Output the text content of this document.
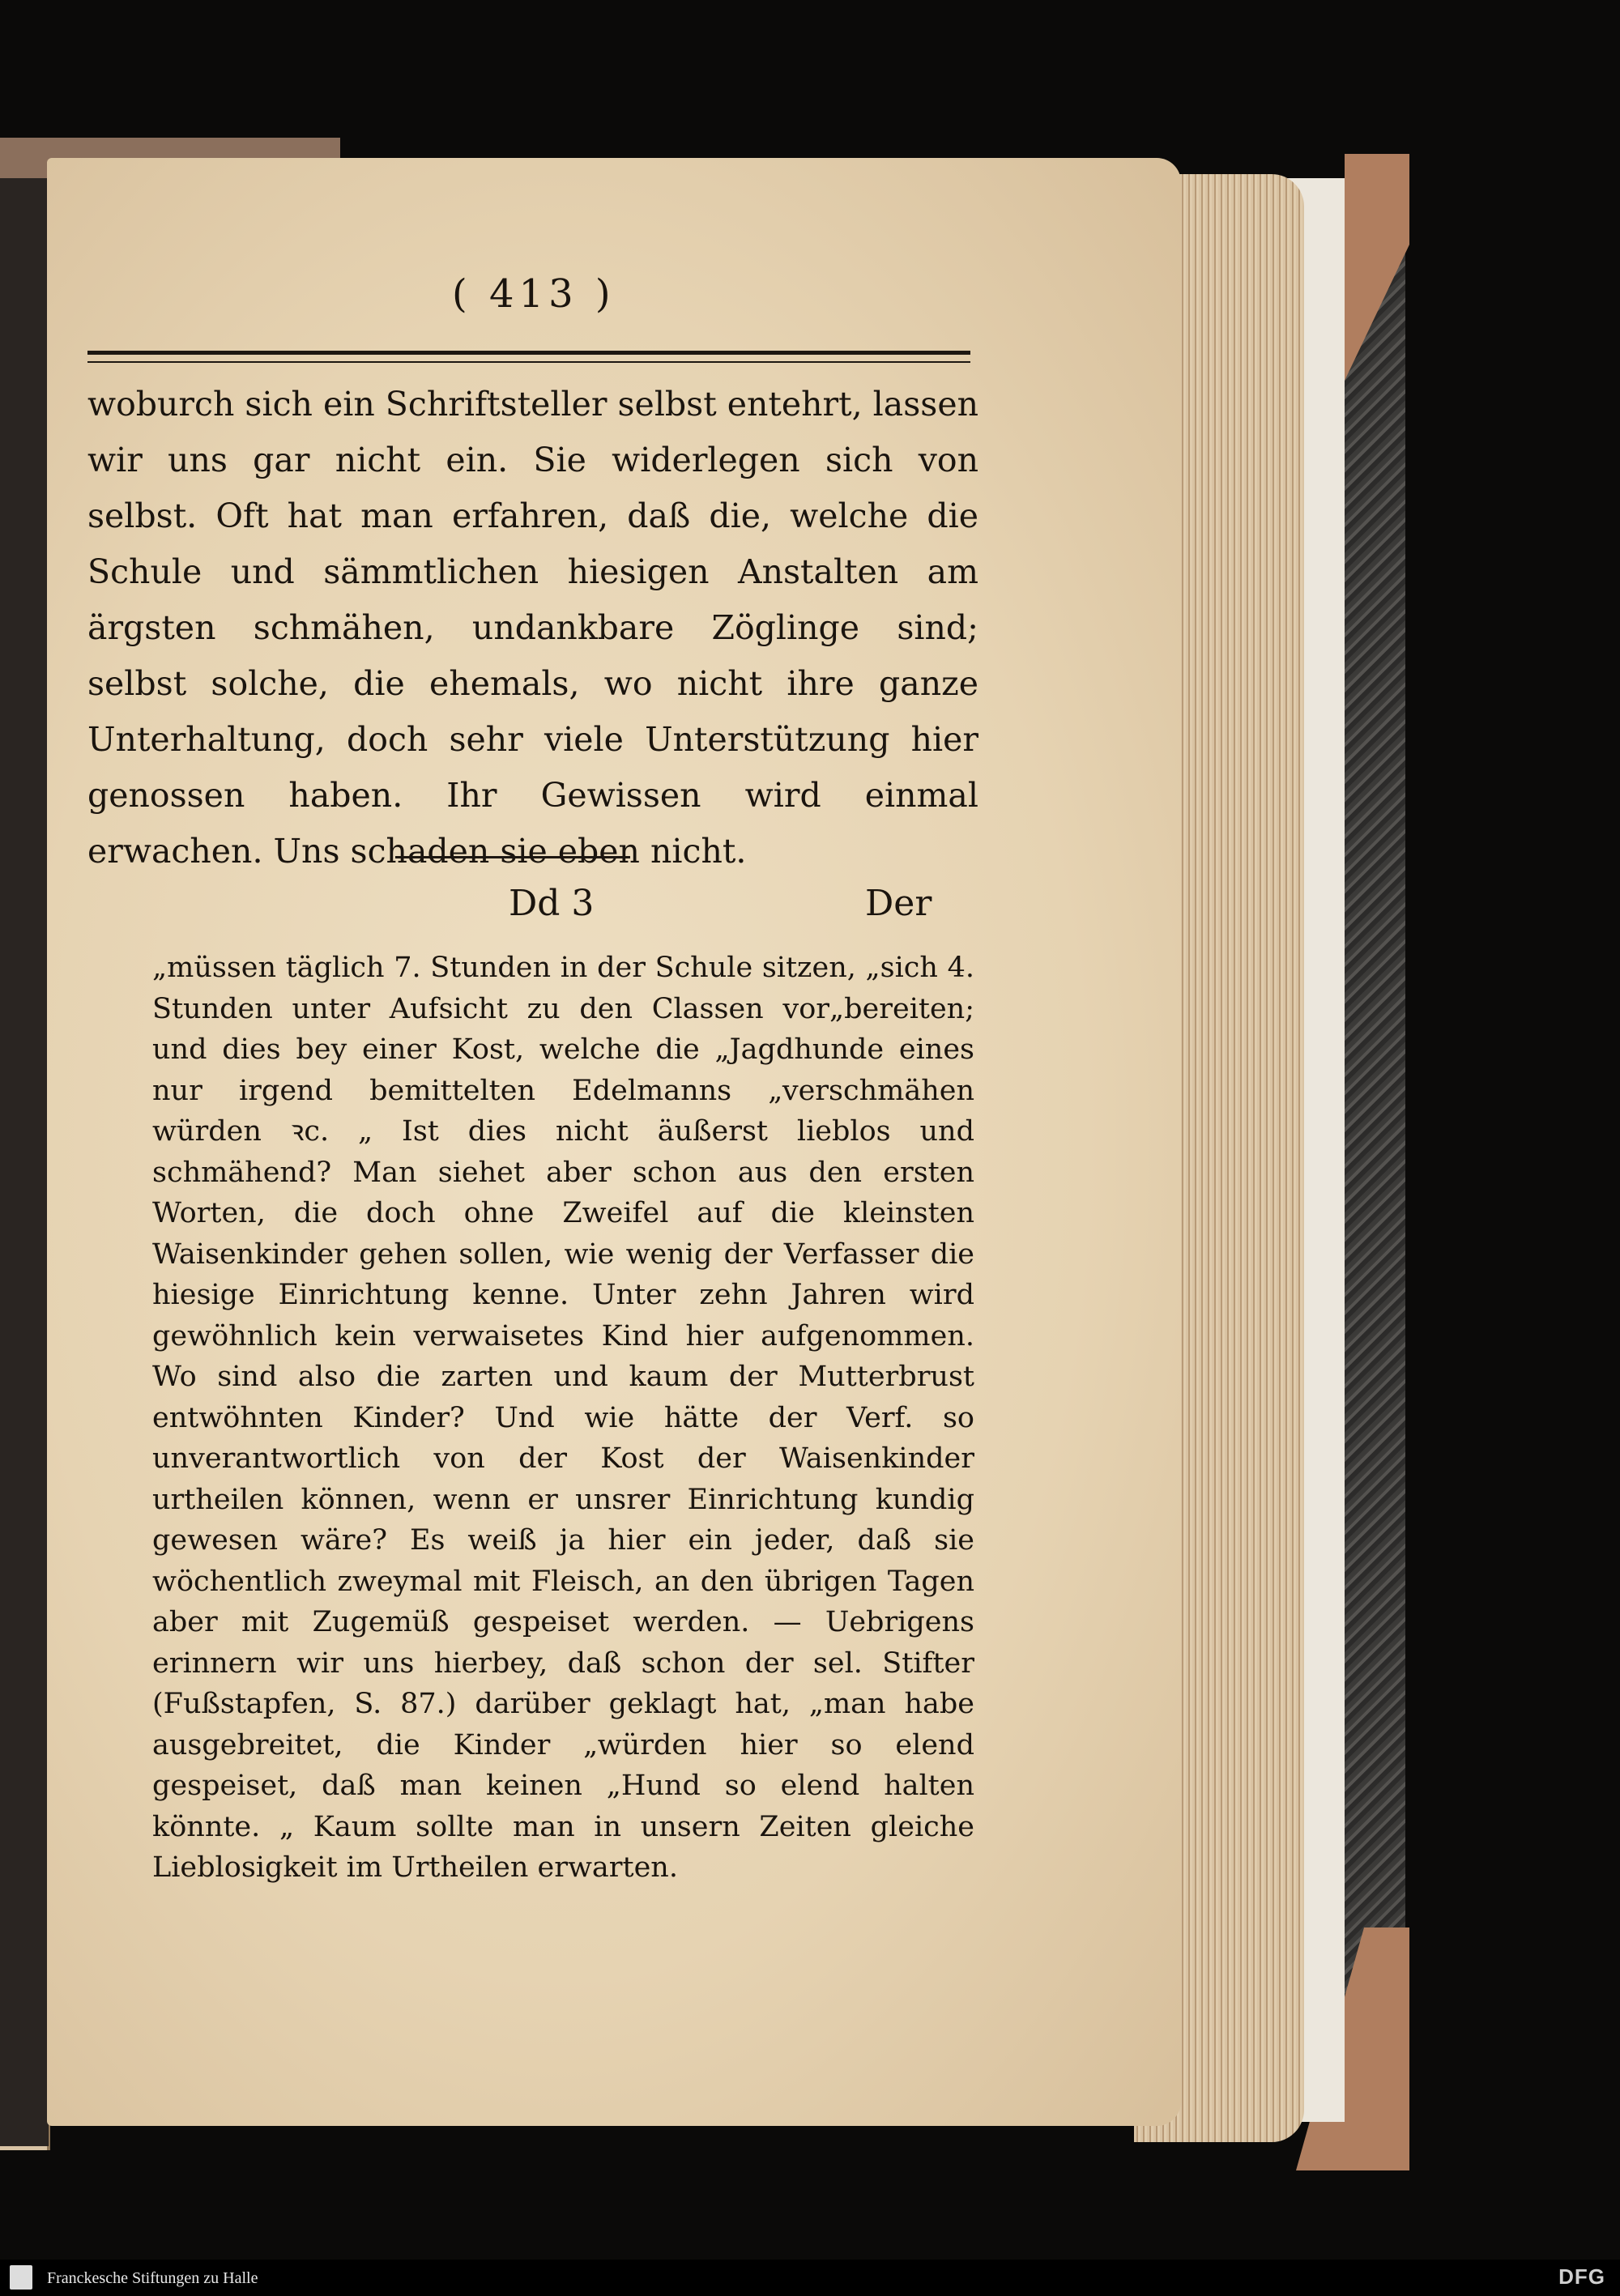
( 413 )
woburch sich ein Schriftsteller selbst entehrt, lassen wir uns gar nicht ein. Sie widerlegen sich von selbst. Oft hat man erfahren, daß die, welche die Schule und sämmtlichen hiesigen Anstalten am ärgsten schmähen, undankbare Zöglinge sind; selbst solche, die ehemals, wo nicht ihre ganze Unterhaltung, doch sehr viele Unterstützung hier genossen haben. Ihr Gewissen wird einmal erwachen. Uns schaden sie eben nicht.
Dd 3	Der
„müssen täglich 7. Stunden in der Schule sitzen, „sich 4. Stunden unter Aufsicht zu den Classen vor„bereiten; und dies bey einer Kost, welche die „Jagdhunde eines nur irgend bemittelten Edelmanns „verschmähen würden ꝛc. „ Ist dies nicht äußerst lieblos und schmähend? Man siehet aber schon aus den ersten Worten, die doch ohne Zweifel auf die kleinsten Waisenkinder gehen sollen, wie wenig der Verfasser die hiesige Einrichtung kenne. Unter zehn Jahren wird gewöhnlich kein verwaisetes Kind hier aufgenommen. Wo sind also die zarten und kaum der Mutterbrust entwöhnten Kinder? Und wie hätte der Verf. so unverantwortlich von der Kost der Waisenkinder urtheilen können, wenn er unsrer Einrichtung kundig gewesen wäre? Es weiß ja hier ein jeder, daß sie wöchentlich zweymal mit Fleisch, an den übrigen Tagen aber mit Zugemüß gespeiset werden. — Uebrigens erinnern wir uns hierbey, daß schon der sel. Stifter (Fußstapfen, S. 87.) darüber geklagt hat, „man habe ausgebreitet, die Kinder „würden hier so elend gespeiset, daß man keinen „Hund so elend halten könnte. „ Kaum sollte man in unsern Zeiten gleiche Lieblosigkeit im Urtheilen erwarten.
Franckesche Stiftungen zu Halle	DFG
